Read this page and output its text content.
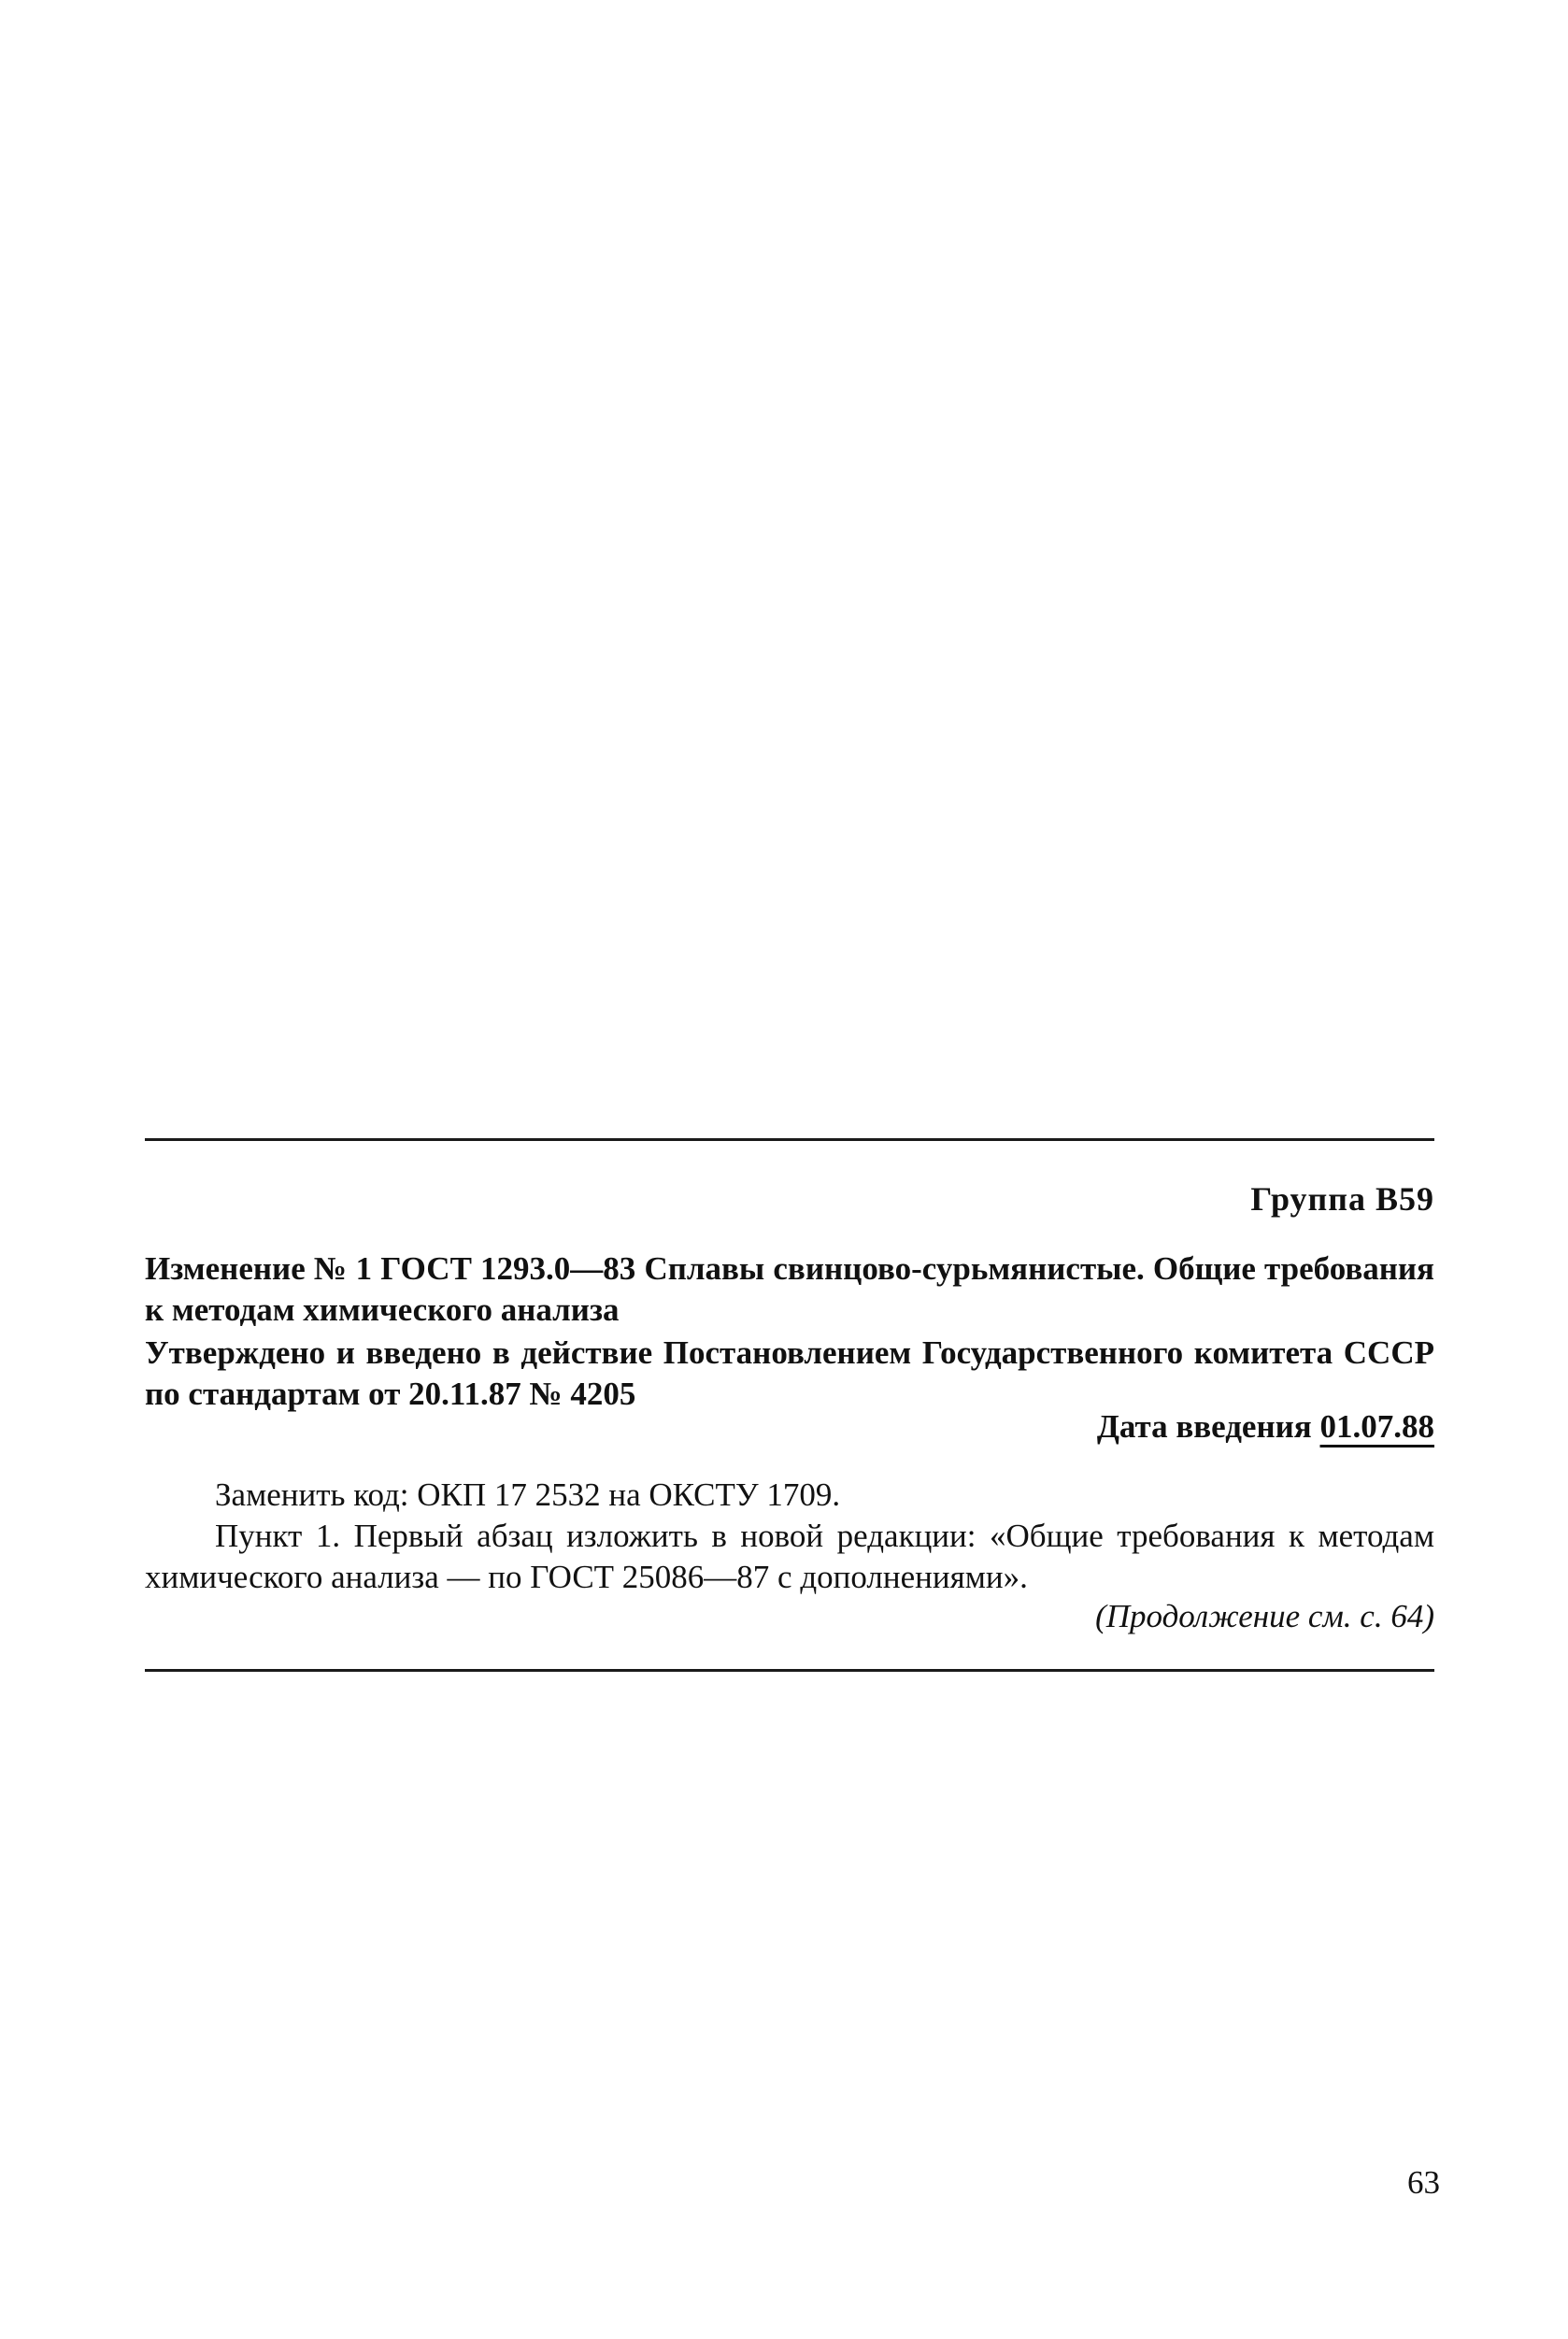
Группа В59
Изменение № 1 ГОСТ 1293.0—83 Сплавы свинцово-сурьмянистые. Общие требования к методам химического анализа
Утверждено и введено в действие Постановлением Государственного комитета СССР по стандартам от 20.11.87 № 4205
Дата введения 01.07.88
Заменить код: ОКП 17 2532 на ОКСТУ 1709.
Пункт 1. Первый абзац изложить в новой редакции: «Общие требования к методам химического анализа — по ГОСТ 25086—87 с дополнениями».
(Продолжение см. с. 64)
63
